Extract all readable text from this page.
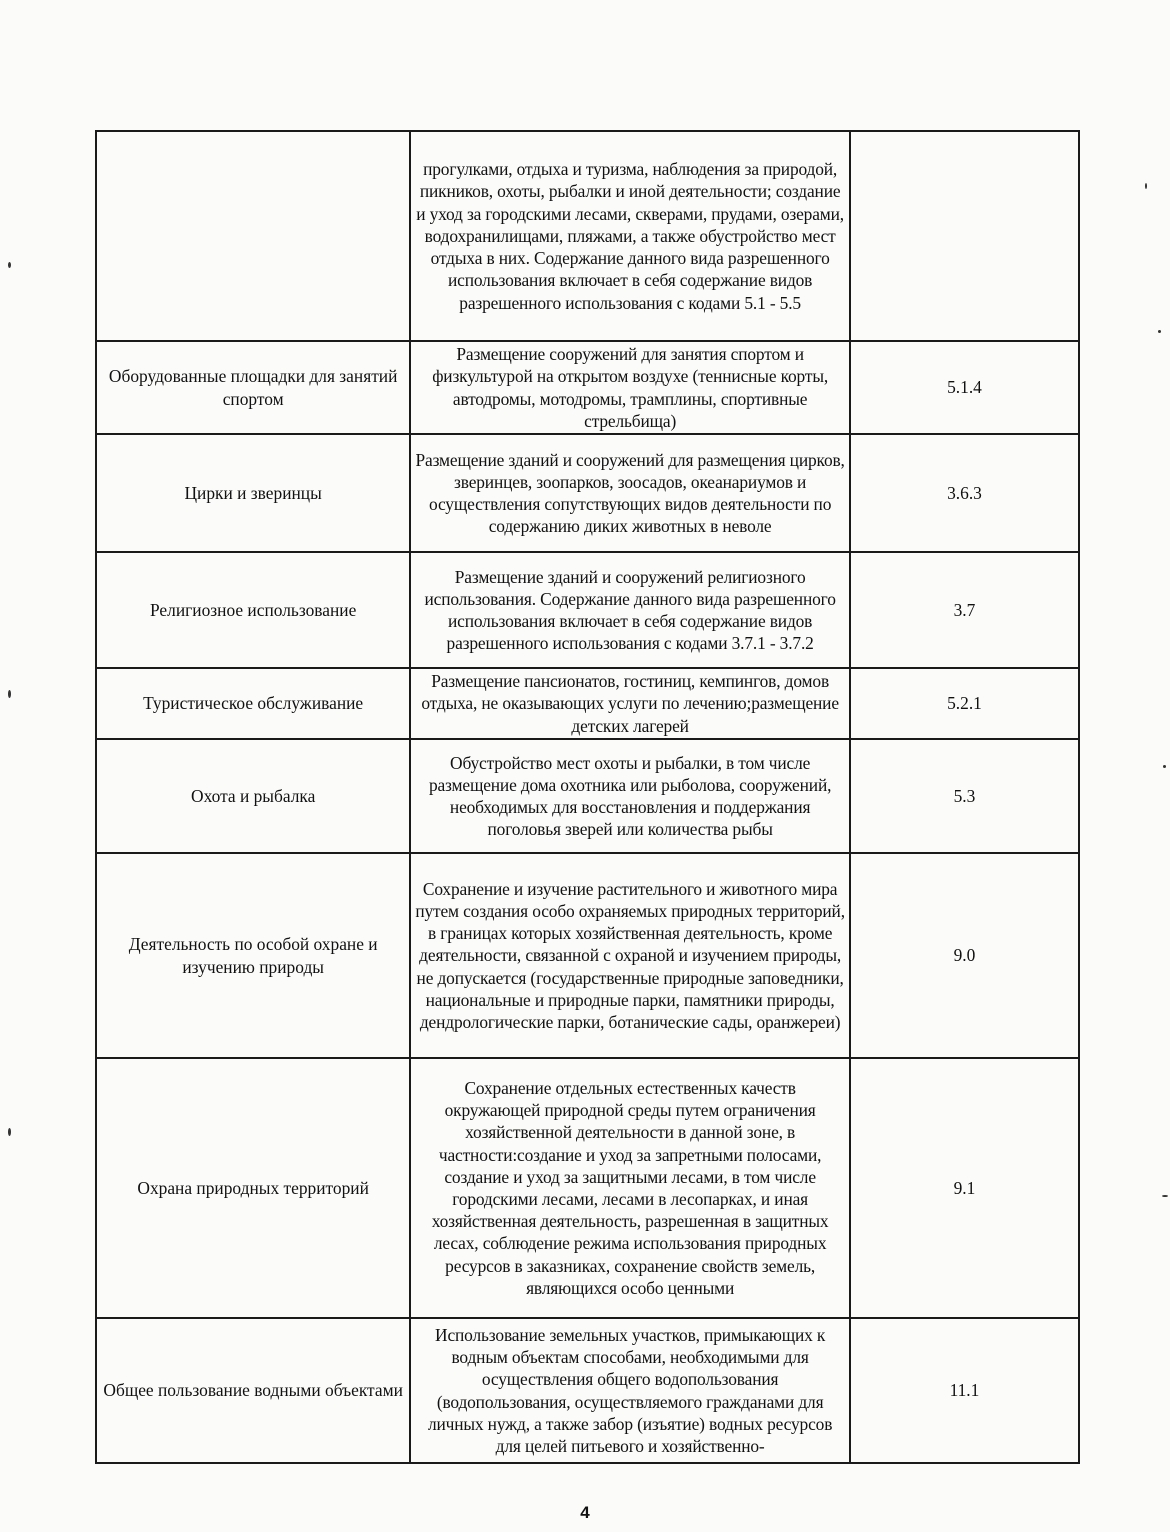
	прогулками, отдыха и туризма, наблюдения за природой, пикников, охоты, рыбалки и иной деятельности; создание и уход за городскими лесами, скверами, прудами, озерами, водохранилищами, пляжами, а также обустройство мест отдыха в них. Содержание данного вида разрешенного использования включает в себя содержание видов разрешенного использования с кодами 5.1 - 5.5	
Оборудованные площадки для занятий спортом	Размещение сооружений для занятия спортом и физкультурой на открытом воздухе (теннисные корты, автодромы, мотодромы, трамплины, спортивные стрельбища)	5.1.4
Цирки и зверинцы	Размещение зданий и сооружений для размещения цирков, зверинцев, зоопарков, зоосадов, океанариумов и осуществления сопутствующих видов деятельности по содержанию диких животных в неволе	3.6.3
Религиозное использование	Размещение зданий и сооружений религиозного использования. Содержание данного вида разрешенного использования включает в себя содержание видов разрешенного использования с кодами 3.7.1 - 3.7.2	3.7
Туристическое обслуживание	Размещение пансионатов, гостиниц, кемпингов, домов отдыха, не оказывающих услуги по лечению;размещение детских лагерей	5.2.1
Охота и рыбалка	Обустройство мест охоты и рыбалки, в том числе размещение дома охотника или рыболова, сооружений, необходимых для восстановления и поддержания поголовья зверей или количества рыбы	5.3
Деятельность по особой охране и изучению природы	Сохранение и изучение растительного и животного мира путем создания особо охраняемых природных территорий, в границах которых хозяйственная деятельность, кроме деятельности, связанной с охраной и изучением природы, не допускается (государственные природные заповедники, национальные и природные парки, памятники природы, дендрологические парки, ботанические сады, оранжереи)	9.0
Охрана природных территорий	Сохранение отдельных естественных качеств окружающей природной среды путем ограничения хозяйственной деятельности в данной зоне, в частности:создание и уход за запретными полосами, создание и уход за защитными лесами, в том числе городскими лесами, лесами в лесопарках, и иная хозяйственная деятельность, разрешенная в защитных лесах, соблюдение режима использования природных ресурсов в заказниках, сохранение свойств земель, являющихся особо ценными	9.1
Общее пользование водными объектами	Использование земельных участков, примыкающих к водным объектам способами, необходимыми для осуществления общего водопользования (водопользования, осуществляемого гражданами для личных нужд, а также забор (изъятие) водных ресурсов для целей питьевого и хозяйственно-	11.1
4
